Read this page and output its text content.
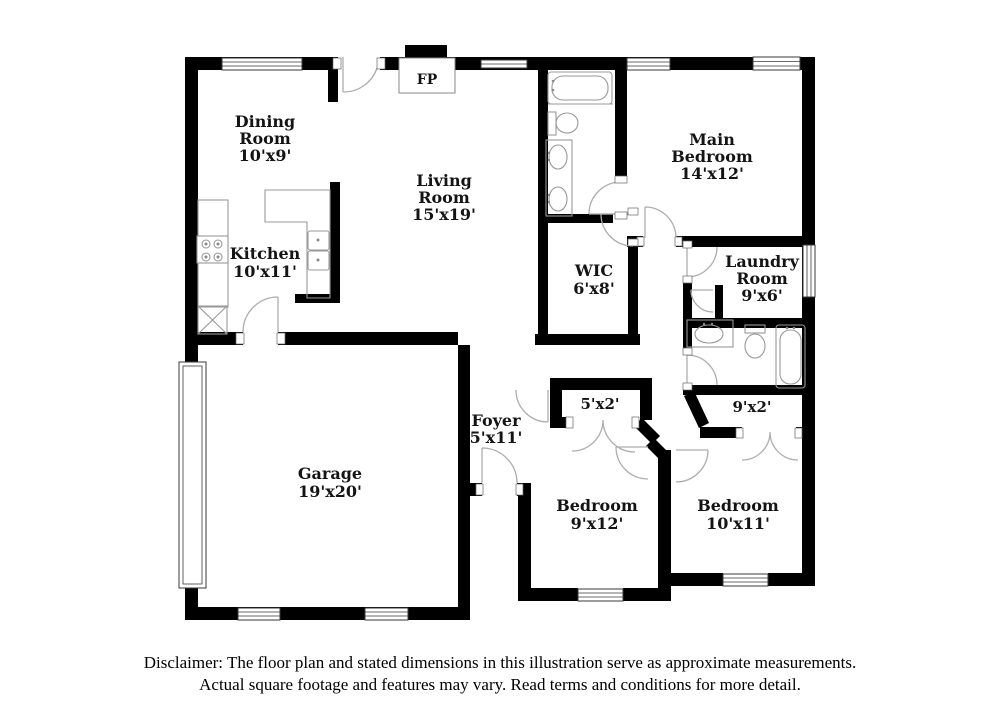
FP
Dining
Room
10'x9'
Living
Room
15'x19'
Kitchen
10'x11'
Main
Bedroom
14'x12'
WIC
6'x8'
Laundry
Room
9'x6'
Foyer
5'x11'
5'x2'	9'x2'
Bedroom
9'x12'
Bedroom
10'x11'
Garage
19'x20'
Disclaimer: The floor plan and stated dimensions in this illustration serve as approximate measurements.
Actual square footage and features may vary. Read terms and conditions for more detail.
